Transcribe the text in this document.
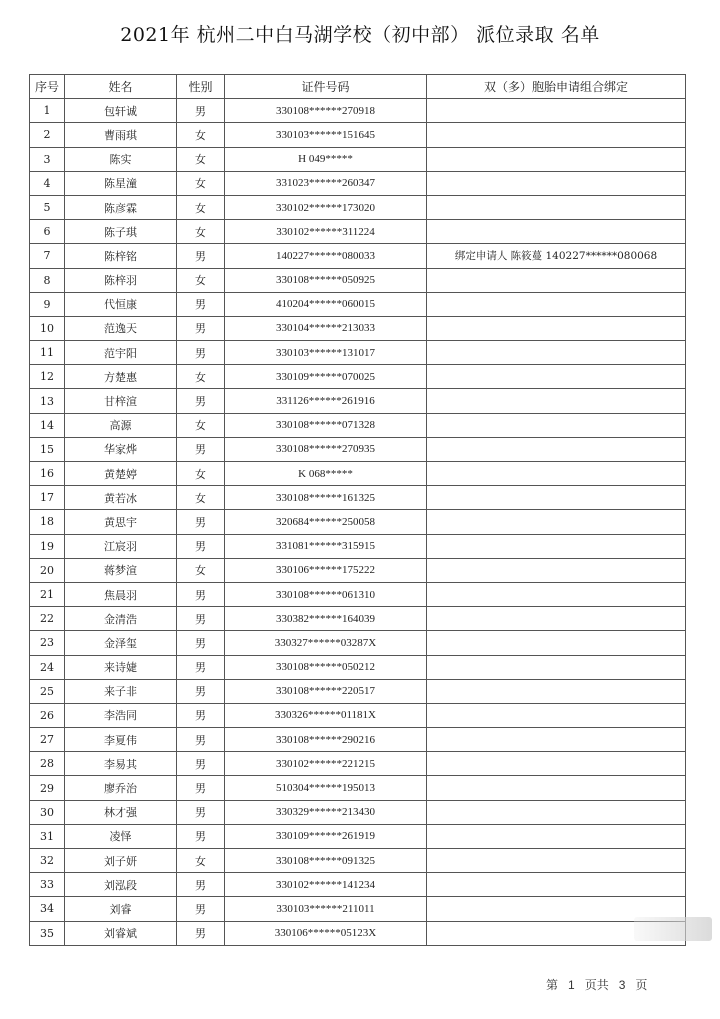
2021年 杭州二中白马湖学校（初中部） 派位录取 名单
序号	姓名	性别	证件号码	双（多）胞胎申请组合绑定
1	包轩诚	男	330108******270918	
2	曹雨琪	女	330103******151645	
3	陈实	女	H 049*****	
4	陈星潼	女	331023******260347	
5	陈彦霖	女	330102******173020	
6	陈子琪	女	330102******311224	
7	陈梓铭	男	140227******080033	绑定申请人 陈筱蔓 140227******080068
8	陈梓羽	女	330108******050925	
9	代恒康	男	410204******060015	
10	范逸天	男	330104******213033	
11	范宇阳	男	330103******131017	
12	方楚惠	女	330109******070025	
13	甘梓渲	男	331126******261916	
14	高源	女	330108******071328	
15	华家烨	男	330108******270935	
16	黄楚婷	女	K 068*****	
17	黄若冰	女	330108******161325	
18	黄思宇	男	320684******250058	
19	江宸羽	男	331081******315915	
20	蒋梦渲	女	330106******175222	
21	焦晨羽	男	330108******061310	
22	金清浩	男	330382******164039	
23	金泽玺	男	330327******03287X	
24	来诗婕	男	330108******050212	
25	来子非	男	330108******220517	
26	李浩同	男	330326******01181X	
27	李夏伟	男	330108******290216	
28	李易其	男	330102******221215	
29	廖乔治	男	510304******195013	
30	林才强	男	330329******213430	
31	凌怿	男	330109******261919	
32	刘子妍	女	330108******091325	
33	刘泓段	男	330102******141234	
34	刘睿	男	330103******211011	
35	刘睿斌	男	330106******05123X	
第 1 页共 3 页
